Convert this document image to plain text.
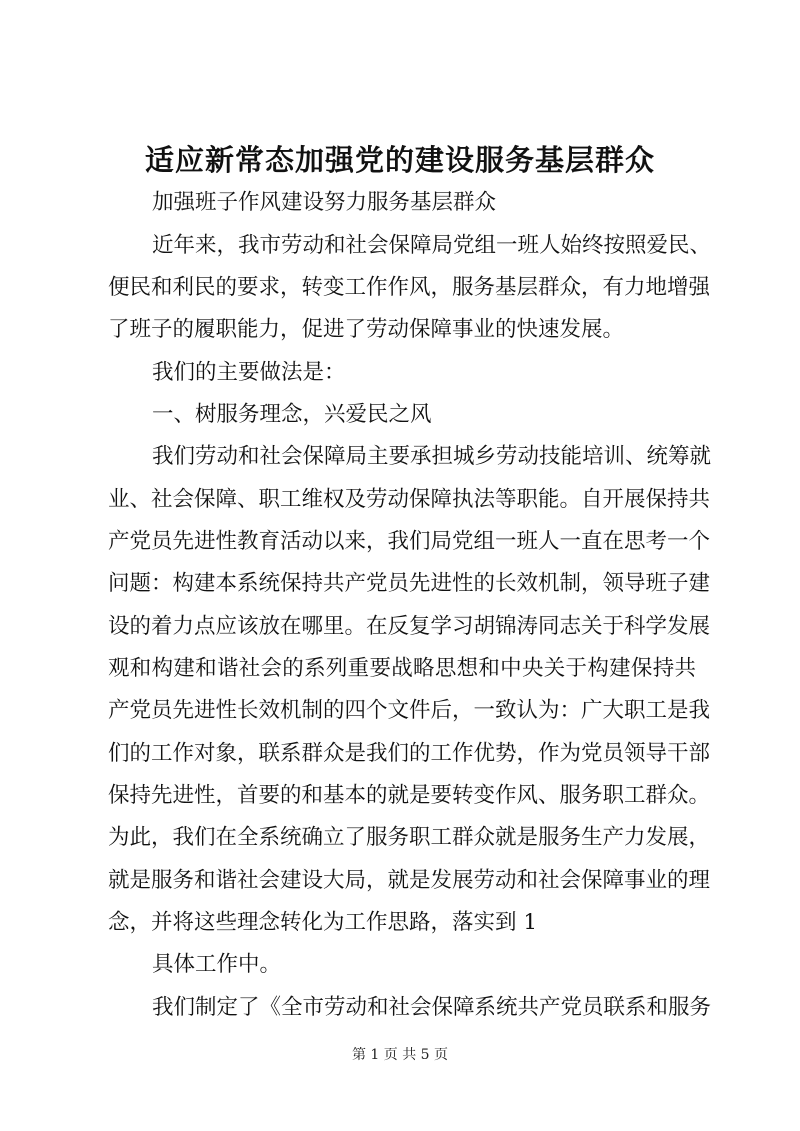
适应新常态加强党的建设服务基层群众
加强班子作风建设努力服务基层群众
近年来，我市劳动和社会保障局党组一班人始终按照爱民、
便民和利民的要求，转变工作作风，服务基层群众，有力地增强
了班子的履职能力，促进了劳动保障事业的快速发展。
我们的主要做法是：
一、树服务理念，兴爱民之风
我们劳动和社会保障局主要承担城乡劳动技能培训、统筹就
业、社会保障、职工维权及劳动保障执法等职能。自开展保持共
产党员先进性教育活动以来，我们局党组一班人一直在思考一个
问题：构建本系统保持共产党员先进性的长效机制，领导班子建
设的着力点应该放在哪里。在反复学习胡锦涛同志关于科学发展
观和构建和谐社会的系列重要战略思想和中央关于构建保持共
产党员先进性长效机制的四个文件后，一致认为：广大职工是我
们的工作对象，联系群众是我们的工作优势，作为党员领导干部
保持先进性，首要的和基本的就是要转变作风、服务职工群众。
为此，我们在全系统确立了服务职工群众就是服务生产力发展，
就是服务和谐社会建设大局，就是发展劳动和社会保障事业的理
念，并将这些理念转化为工作思路，落实到 1
具体工作中。
我们制定了《全市劳动和社会保障系统共产党员联系和服务
第 1 页 共 5 页
